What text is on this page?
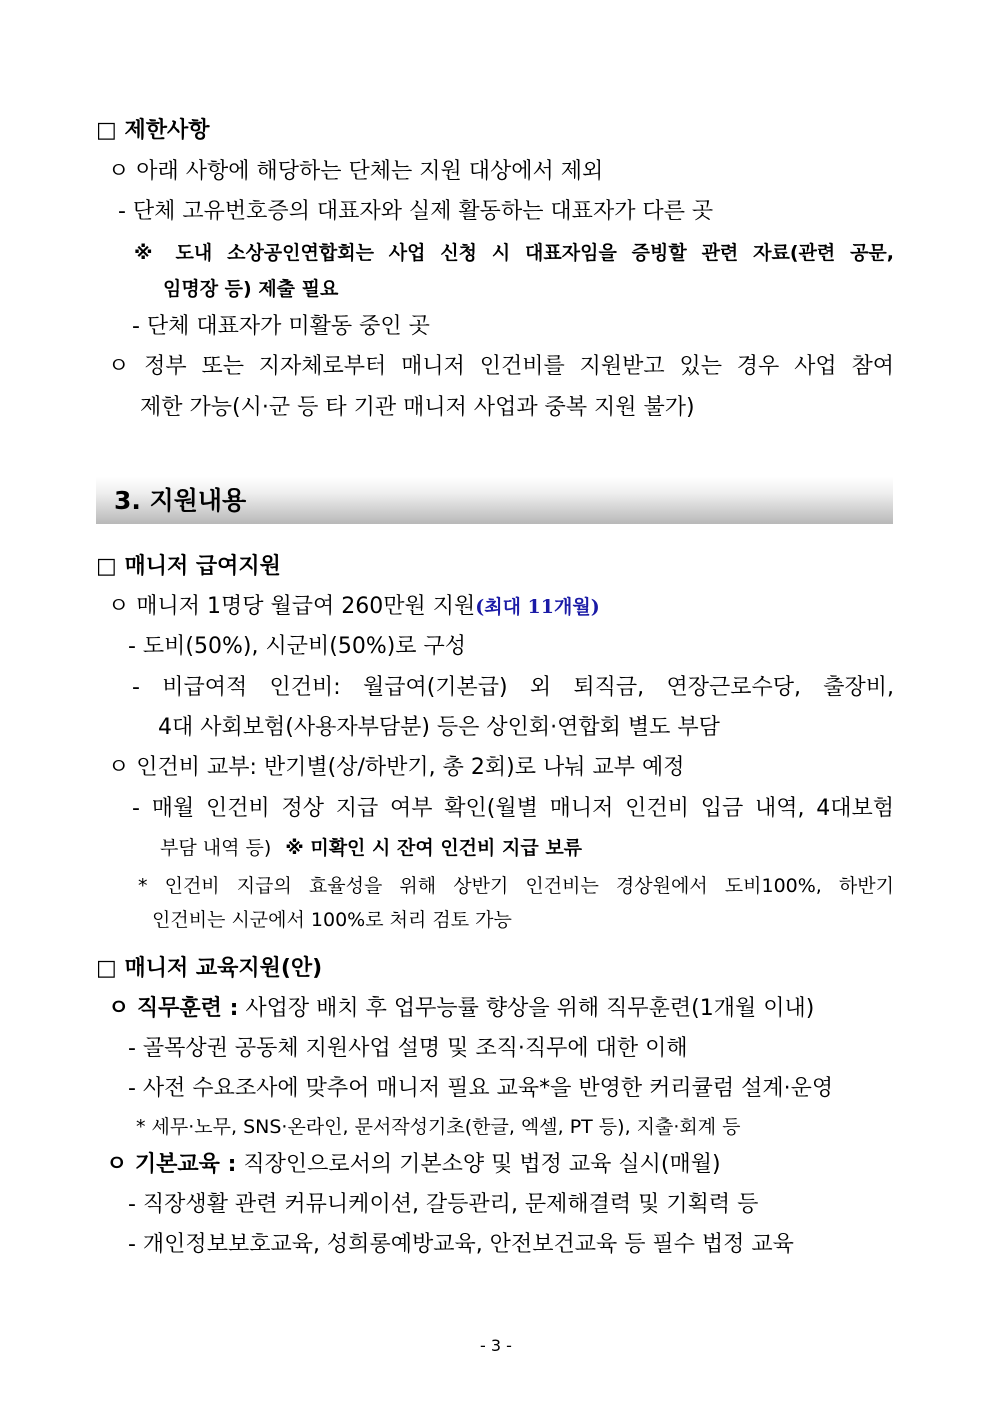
□ 제한사항
ㅇ 아래 사항에 해당하는 단체는 지원 대상에서 제외
- 단체 고유번호증의 대표자와 실제 활동하는 대표자가 다른 곳
※ 도내 소상공인연합회는 사업 신청 시 대표자임을 증빙할 관련 자료(관련 공문,
임명장 등) 제출 필요
- 단체 대표자가 미활동 중인 곳
ㅇ 정부 또는 지자체로부터 매니저 인건비를 지원받고 있는 경우 사업 참여
제한 가능(시·군 등 타 기관 매니저 사업과 중복 지원 불가)
3. 지원내용
□ 매니저 급여지원
ㅇ 매니저 1명당 월급여 260만원 지원(최대 11개월)
- 도비(50%), 시군비(50%)로 구성
- 비급여적 인건비: 월급여(기본급) 외 퇴직금, 연장근로수당, 출장비,
4대 사회보험(사용자부담분) 등은 상인회·연합회 별도 부담
ㅇ 인건비 교부: 반기별(상/하반기, 총 2회)로 나눠 교부 예정
- 매월 인건비 정상 지급 여부 확인(월별 매니저 인건비 입금 내역, 4대보험
부담 내역 등) ※ 미확인 시 잔여 인건비 지급 보류
* 인건비 지급의 효율성을 위해 상반기 인건비는 경상원에서 도비100%, 하반기
인건비는 시군에서 100%로 처리 검토 가능
□ 매니저 교육지원(안)
ㅇ 직무훈련 : 사업장 배치 후 업무능률 향상을 위해 직무훈련(1개월 이내)
- 골목상권 공동체 지원사업 설명 및 조직·직무에 대한 이해
- 사전 수요조사에 맞추어 매니저 필요 교육*을 반영한 커리큘럼 설계·운영
* 세무·노무, SNS·온라인, 문서작성기초(한글, 엑셀, PT 등), 지출·회계 등
ㅇ 기본교육 : 직장인으로서의 기본소양 및 법정 교육 실시(매월)
- 직장생활 관련 커뮤니케이션, 갈등관리, 문제해결력 및 기획력 등
- 개인정보보호교육, 성희롱예방교육, 안전보건교육 등 필수 법정 교육
- 3 -
